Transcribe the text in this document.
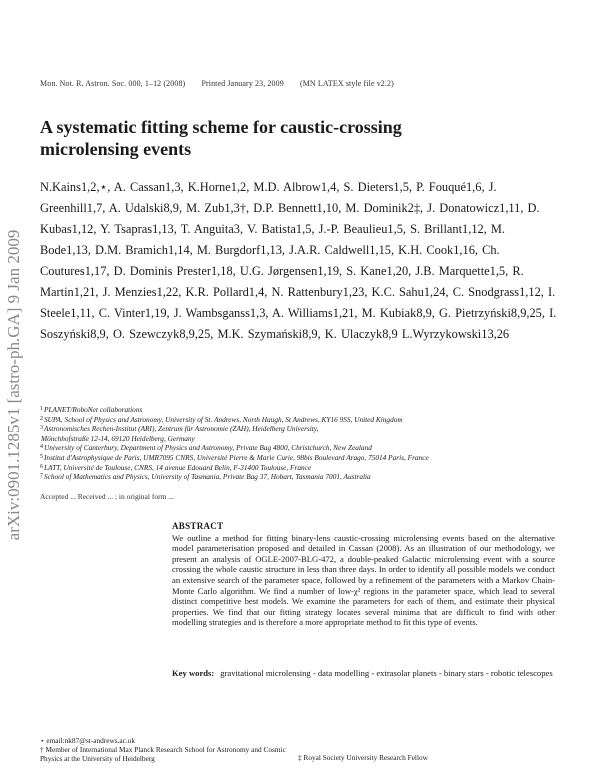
Mon. Not. R. Astron. Soc. 000, 1–12 (2008) Printed January 23, 2009 (MN LATEX style file v2.2)
arXiv:0901.1285v1 [astro-ph.GA] 9 Jan 2009
A systematic fitting scheme for caustic-crossing microlensing events
N.Kains1,2,⋆, A. Cassan1,3, K.Horne1,2, M.D. Albrow1,4, S. Dieters1,5, P. Fouqué1,6, J. Greenhill1,7, A. Udalski8,9, M. Zub1,3†, D.P. Bennett1,10, M. Dominik2‡, J. Donatowicz1,11, D. Kubas1,12, Y. Tsapras1,13, T. Anguita3, V. Batista1,5, J.-P. Beaulieu1,5, S. Brillant1,12, M. Bode1,13, D.M. Bramich1,14, M. Burgdorf1,13, J.A.R. Caldwell1,15, K.H. Cook1,16, Ch. Coutures1,17, D. Dominis Prester1,18, U.G. Jørgensen1,19, S. Kane1,20, J.B. Marquette1,5, R. Martin1,21, J. Menzies1,22, K.R. Pollard1,4, N. Rattenbury1,23, K.C. Sahu1,24, C. Snodgrass1,12, I. Steele1,11, C. Vinter1,19, J. Wambsganss1,3, A. Williams1,21, M. Kubiak8,9, G. Pietrzyński8,9,25, I. Soszyński8,9, O. Szewczyk8,9,25, M.K. Szymański8,9, K. Ulaczyk8,9 L.Wyrzykowski13,26
$^1$PLANET/RoboNet collaborations
$^2$SUPA, School of Physics and Astronomy, University of St. Andrews, North Haugh, St Andrews, KY16 9SS, United Kingdom
$^3$Astronomisches Rechen-Institut (ARI), Zentrum für Astronomie (ZAH), Heidelberg University,
Mönchhofstraße 12-14, 69120 Heidelberg, Germany
$^4$University of Canterbury, Department of Physics and Astronomy, Private Bag 4800, Christchurch, New Zealand
$^5$Institut d'Astrophysique de Paris, UMR7095 CNRS, Université Pierre & Marie Curie, 98bis Boulevard Arago, 75014 Paris, France
$^6$LATT, Université de Toulouse, CNRS, 14 avenue Edouard Belin, F-31400 Toulouse, France
$^7$School of Mathematics and Physics, University of Tasmania, Private Bag 37, Hobart, Tasmania 7001, Australia
Accepted ... Received ... ; in original form ...
ABSTRACT
We outline a method for fitting binary-lens caustic-crossing microlensing events based on the alternative model parameterisation proposed and detailed in Cassan (2008). As an illustration of our methodology, we present an analysis of OGLE-2007-BLG-472, a double-peaked Galactic microlensing event with a source crossing the whole caustic structure in less than three days. In order to identify all possible models we conduct an extensive search of the parameter space, followed by a refinement of the parameters with a Markov Chain-Monte Carlo algorithm. We find a number of low-χ² regions in the parameter space, which lead to several distinct competitive best models. We examine the parameters for each of them, and estimate their physical properties. We find that our fitting strategy locates several minima that are difficult to find with other modelling strategies and is therefore a more appropriate method to fit this type of events.
Key words: gravitational microlensing - data modelling - extrasolar planets - binary stars - robotic telescopes
⋆ email:nk87@st-andrews.ac.uk
† Member of International Max Planck Research School for Astronomy and Cosmic Physics at the University of Heidelberg	‡ Royal Society University Research Fellow
